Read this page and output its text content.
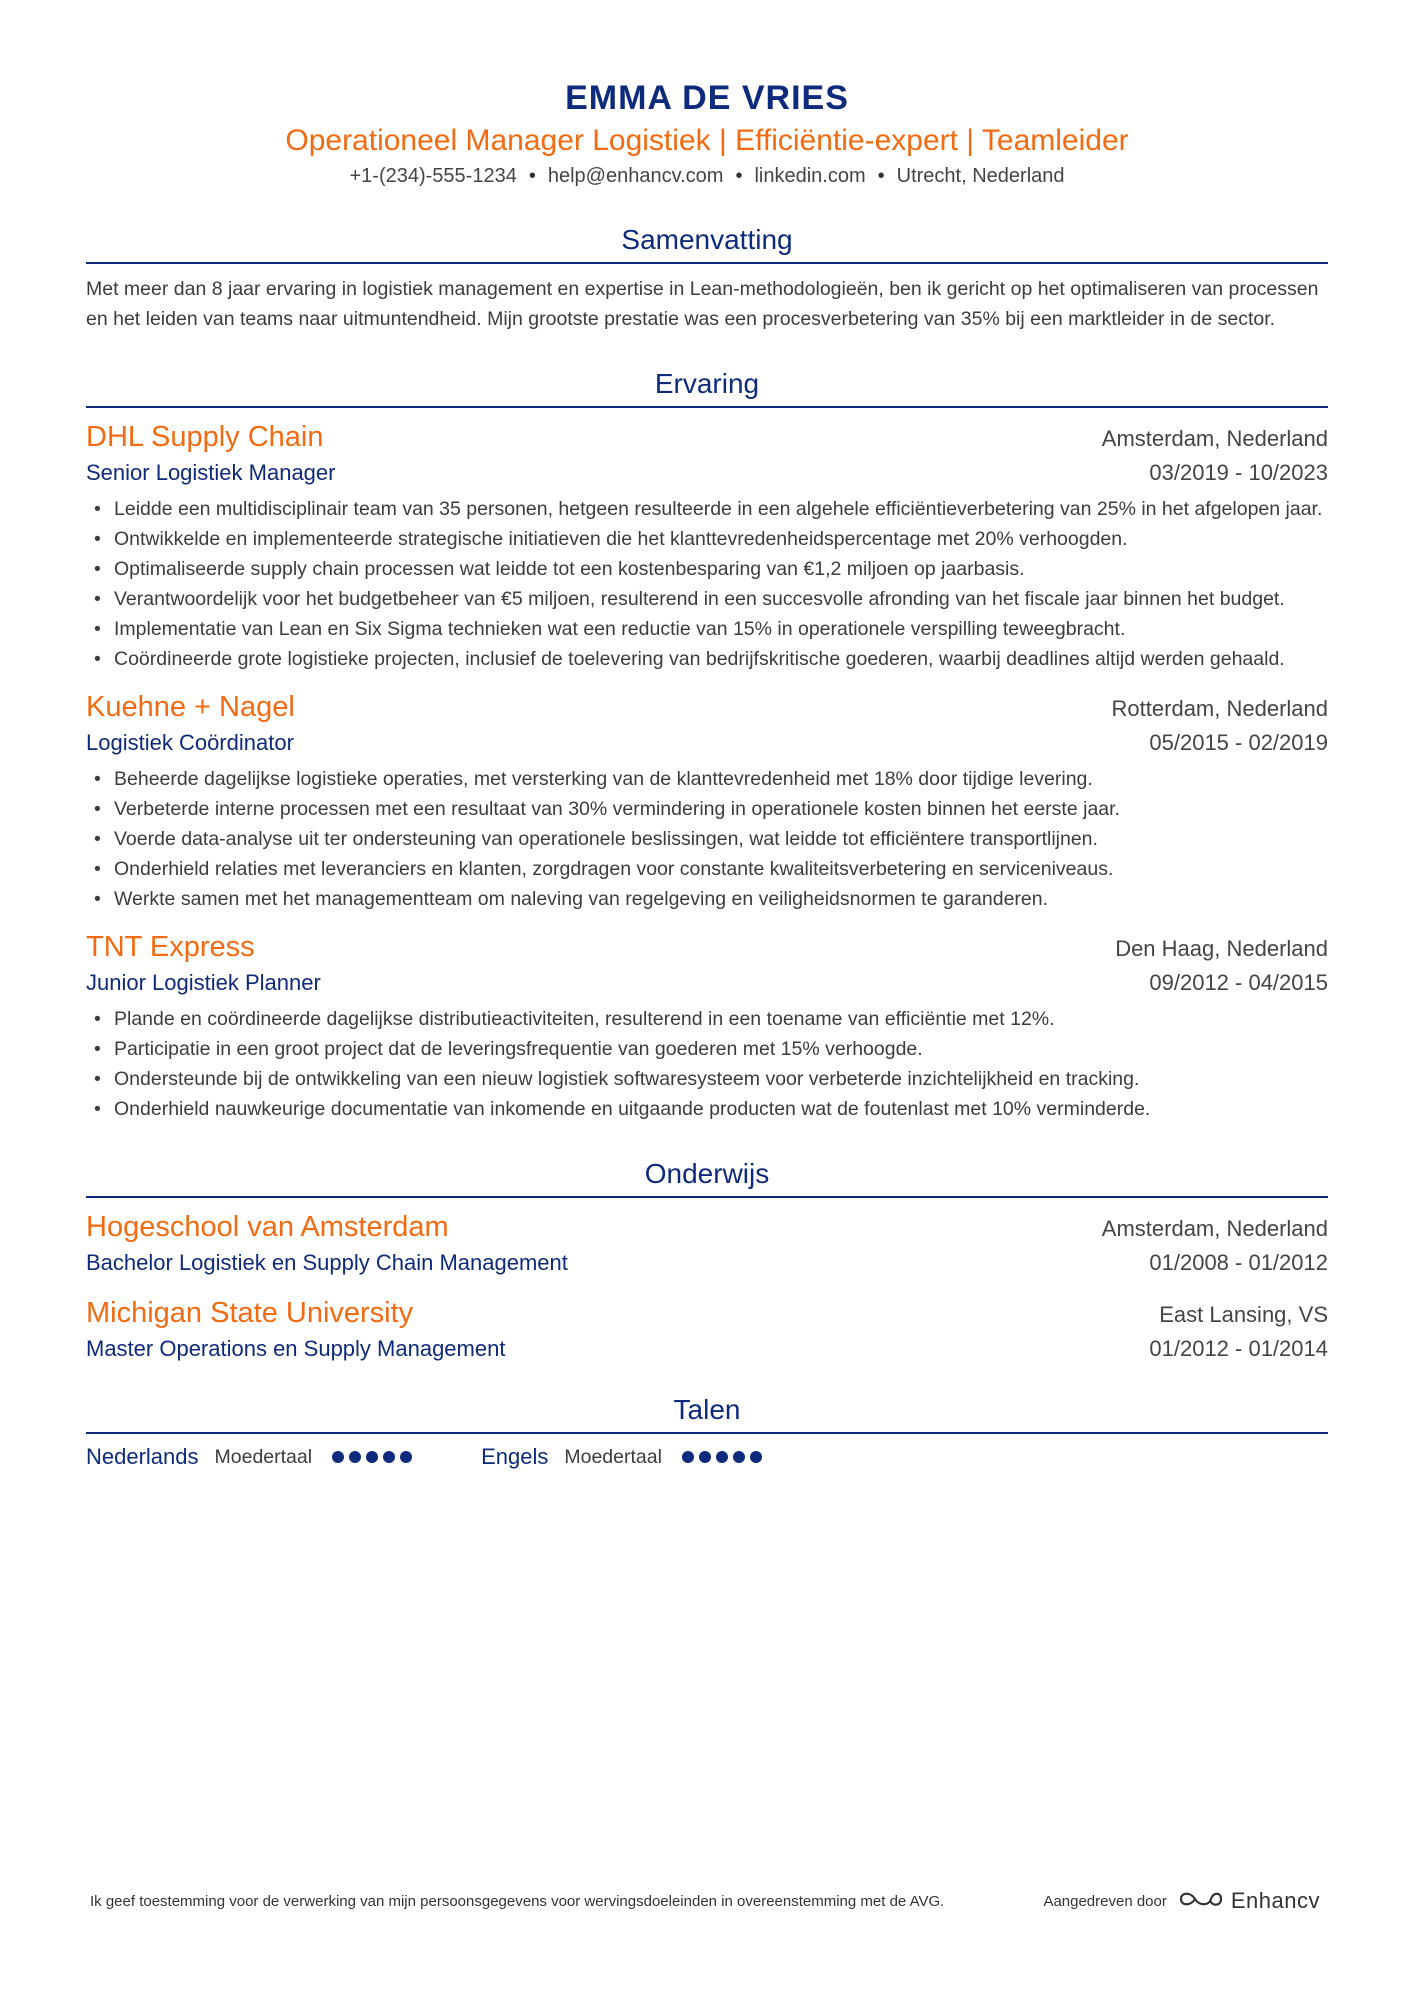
EMMA DE VRIES
Operationeel Manager Logistiek | Efficiëntie-expert | Teamleider
+1-(234)-555-1234 • help@enhancv.com • linkedin.com • Utrecht, Nederland
Samenvatting

Met meer dan 8 jaar ervaring in logistiek management en expertise in Lean-methodologieën, ben ik gericht op het optimaliseren van processen en het leiden van teams naar uitmuntendheid. Mijn grootste prestatie was een procesverbetering van 35% bij een marktleider in de sector.

Ervaring
DHL Supply Chain	Amsterdam, Nederland
Senior Logistiek Manager	03/2019 - 10/2023
• Leidde een multidisciplinair team van 35 personen, hetgeen resulteerde in een algehele efficiëntieverbetering van 25% in het afgelopen jaar.
• Ontwikkelde en implementeerde strategische initiatieven die het klanttevredenheidspercentage met 20% verhoogden.
• Optimaliseerde supply chain processen wat leidde tot een kostenbesparing van €1,2 miljoen op jaarbasis.
• Verantwoordelijk voor het budgetbeheer van €5 miljoen, resulterend in een succesvolle afronding van het fiscale jaar binnen het budget.
• Implementatie van Lean en Six Sigma technieken wat een reductie van 15% in operationele verspilling teweegbracht.
• Coördineerde grote logistieke projecten, inclusief de toelevering van bedrijfskritische goederen, waarbij deadlines altijd werden gehaald.
Kuehne + Nagel	Rotterdam, Nederland
Logistiek Coördinator	05/2015 - 02/2019
• Beheerde dagelijkse logistieke operaties, met versterking van de klanttevredenheid met 18% door tijdige levering.
• Verbeterde interne processen met een resultaat van 30% vermindering in operationele kosten binnen het eerste jaar.
• Voerde data-analyse uit ter ondersteuning van operationele beslissingen, wat leidde tot efficiëntere transportlijnen.
• Onderhield relaties met leveranciers en klanten, zorgdragen voor constante kwaliteitsverbetering en serviceniveaus.
• Werkte samen met het managementteam om naleving van regelgeving en veiligheidsnormen te garanderen.
TNT Express	Den Haag, Nederland
Junior Logistiek Planner	09/2012 - 04/2015
• Plande en coördineerde dagelijkse distributieactiviteiten, resulterend in een toename van efficiëntie met 12%.
• Participatie in een groot project dat de leveringsfrequentie van goederen met 15% verhoogde.
• Ondersteunde bij de ontwikkeling van een nieuw logistiek softwaresysteem voor verbeterde inzichtelijkheid en tracking.
• Onderhield nauwkeurige documentatie van inkomende en uitgaande producten wat de foutenlast met 10% verminderde.
Onderwijs
Hogeschool van Amsterdam	Amsterdam, Nederland
Bachelor Logistiek en Supply Chain Management	01/2008 - 01/2012
Michigan State University	East Lansing, VS
Master Operations en Supply Management	01/2012 - 01/2014
Talen
Nederlands Moedertaal	Engels Moedertaal
Ik geef toestemming voor de verwerking van mijn persoonsgegevens voor wervingsdoeleinden in overeenstemming met de AVG.	Aangedreven door	Enhancv
